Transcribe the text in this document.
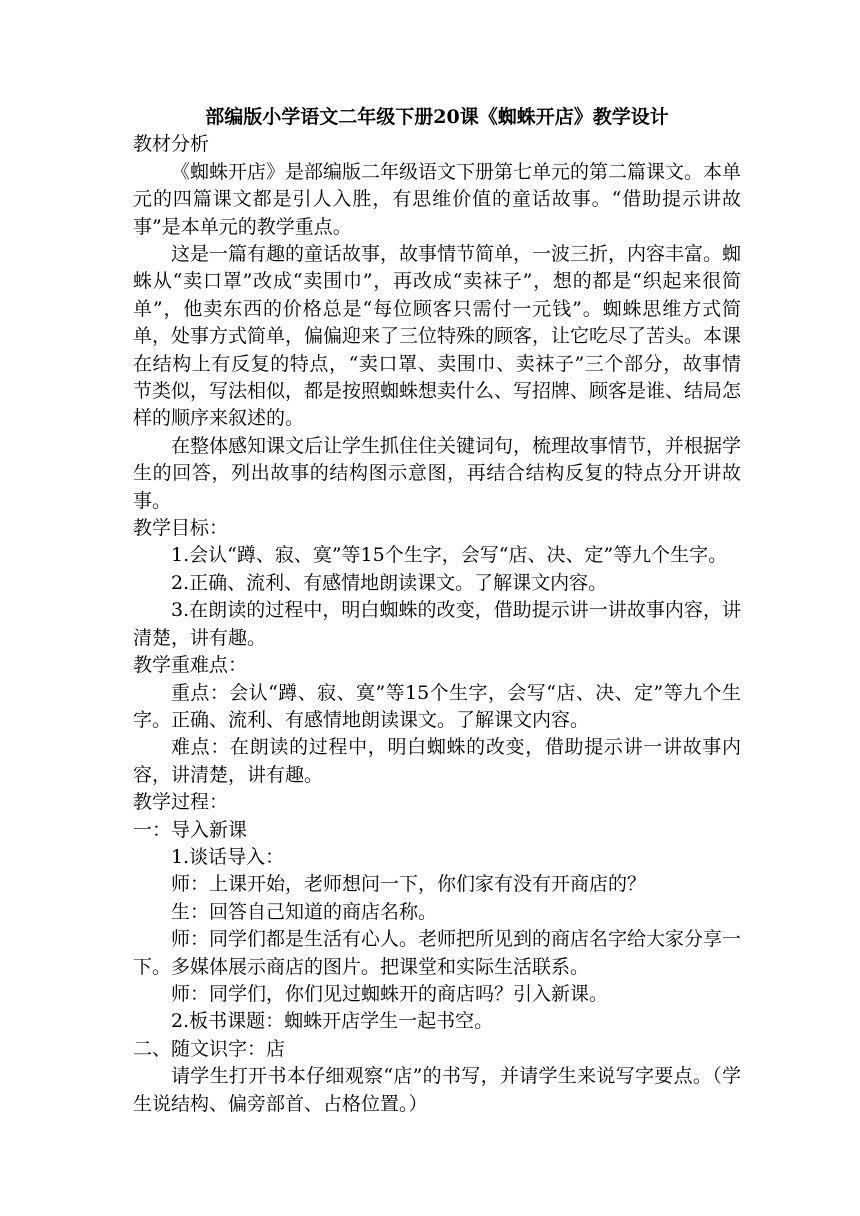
部编版小学语文二年级下册20课《蜘蛛开店》教学设计

教材分析

《蜘蛛开店》是部编版二年级语文下册第七单元的第二篇课文。本单元的四篇课文都是引人入胜，有思维价值的童话故事。“借助提示讲故事”是本单元的教学重点。

这是一篇有趣的童话故事，故事情节简单，一波三折，内容丰富。蜘蛛从“卖口罩”改成“卖围巾”，再改成“卖袜子”，想的都是“织起来很简单”，他卖东西的价格总是“每位顾客只需付一元钱”。蜘蛛思维方式简单，处事方式简单，偏偏迎来了三位特殊的顾客，让它吃尽了苦头。本课在结构上有反复的特点，“卖口罩、卖围巾、卖袜子”三个部分，故事情节类似，写法相似，都是按照蜘蛛想卖什么、写招牌、顾客是谁、结局怎样的顺序来叙述的。

在整体感知课文后让学生抓住住关键词句，梳理故事情节，并根据学生的回答，列出故事的结构图示意图，再结合结构反复的特点分开讲故事。

教学目标：

1.会认“蹲、寂、寞”等15个生字，会写“店、决、定”等九个生字。

2.正确、流利、有感情地朗读课文。了解课文内容。

3.在朗读的过程中，明白蜘蛛的改变，借助提示讲一讲故事内容，讲清楚，讲有趣。

教学重难点：

重点：会认“蹲、寂、寞”等15个生字，会写“店、决、定”等九个生字。正确、流利、有感情地朗读课文。了解课文内容。

难点：在朗读的过程中，明白蜘蛛的改变，借助提示讲一讲故事内容，讲清楚，讲有趣。

教学过程：

一：导入新课

1.谈话导入：

师：上课开始，老师想问一下，你们家有没有开商店的？

生：回答自己知道的商店名称。

师：同学们都是生活有心人。老师把所见到的商店名字给大家分享一下。多媒体展示商店的图片。把课堂和实际生活联系。

师：同学们，你们见过蜘蛛开的商店吗？引入新课。

2.板书课题：蜘蛛开店学生一起书空。

二、随文识字：店

请学生打开书本仔细观察“店”的书写，并请学生来说写字要点。（学生说结构、偏旁部首、占格位置。）
